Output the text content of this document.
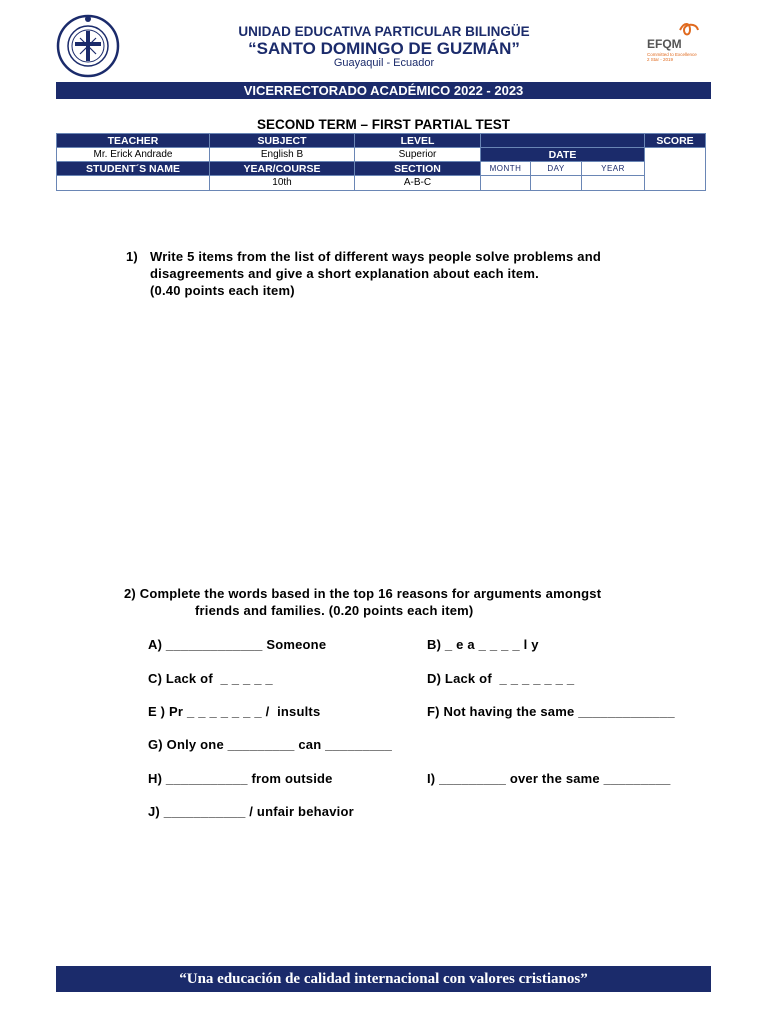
UNIDAD EDUCATIVA PARTICULAR BILINGÜE
“SANTO DOMINGO DE GUZMÁN”
Guayaquil - Ecuador
EFQM
Committed to Excellence
2 Star - 2019
VICERRECTORADO ACADÉMICO 2022 - 2023
SECOND TERM – FIRST PARTIAL TEST
TEACHER	SUBJECT	LEVEL				SCORE
Mr. Erick Andrade	English B	Superior	DATE			
STUDENT´S NAME	YEAR/COURSE	SECTION	MONTH	DAY	YEAR	
	10th	A-B-C				
1) Write 5 items from the list of different ways people solve problems and
disagreements and give a short explanation about each item.
(0.40 points each item)
2) Complete the words based in the top 16 reasons for arguments amongst
friends and families. (0.20 points each item)
A) _____________ Someone	B) _ e a _ _ _ _ l y
C) Lack of  _ _ _ _ _	D) Lack of  _ _ _ _ _ _ _
E ) Pr _ _ _ _ _ _ _ /  insults	F) Not having the same _____________
G) Only one _________ can _________
H) ___________ from outside	I) _________ over the same _________
J) ___________ / unfair behavior
“Una educación de calidad internacional con valores cristianos”
